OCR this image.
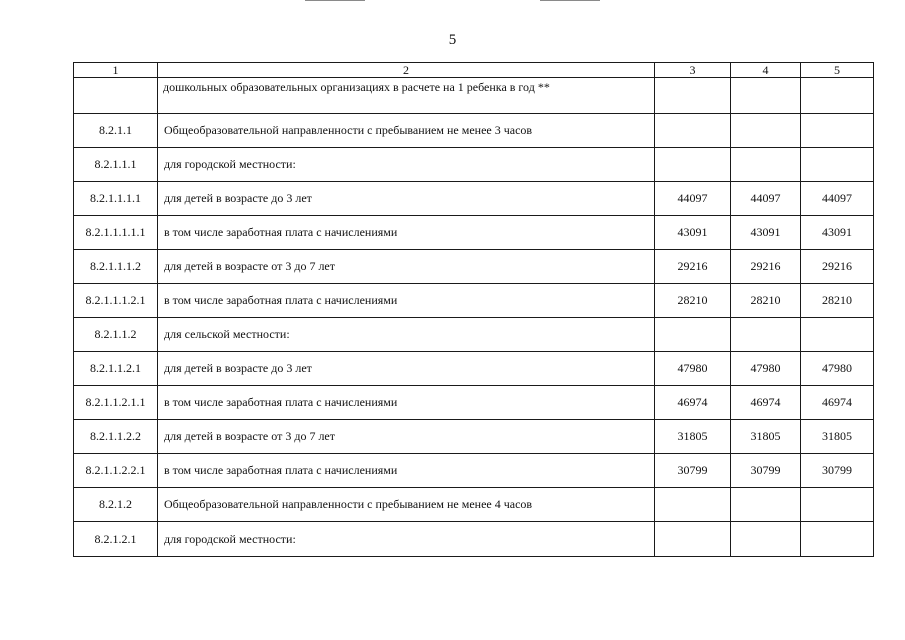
5
1	2	3	4	5
	дошкольных образовательных организациях в расчете на 1 ребенка в год **			
8.2.1.1	Общеобразовательной направленности с пребыванием не менее 3 часов			
8.2.1.1.1	для городской местности:			
8.2.1.1.1.1	для детей в возрасте до 3 лет	44097	44097	44097
8.2.1.1.1.1.1	в том числе заработная плата с начислениями	43091	43091	43091
8.2.1.1.1.2	для детей в возрасте от 3 до 7 лет	29216	29216	29216
8.2.1.1.1.2.1	в том числе заработная плата с начислениями	28210	28210	28210
8.2.1.1.2	для сельской местности:			
8.2.1.1.2.1	для детей в возрасте до 3 лет	47980	47980	47980
8.2.1.1.2.1.1	в том числе заработная плата с начислениями	46974	46974	46974
8.2.1.1.2.2	для детей в возрасте от 3 до 7 лет	31805	31805	31805
8.2.1.1.2.2.1	в том числе заработная плата с начислениями	30799	30799	30799
8.2.1.2	Общеобразовательной направленности с пребыванием не менее 4 часов			
8.2.1.2.1	для городской местности:			
